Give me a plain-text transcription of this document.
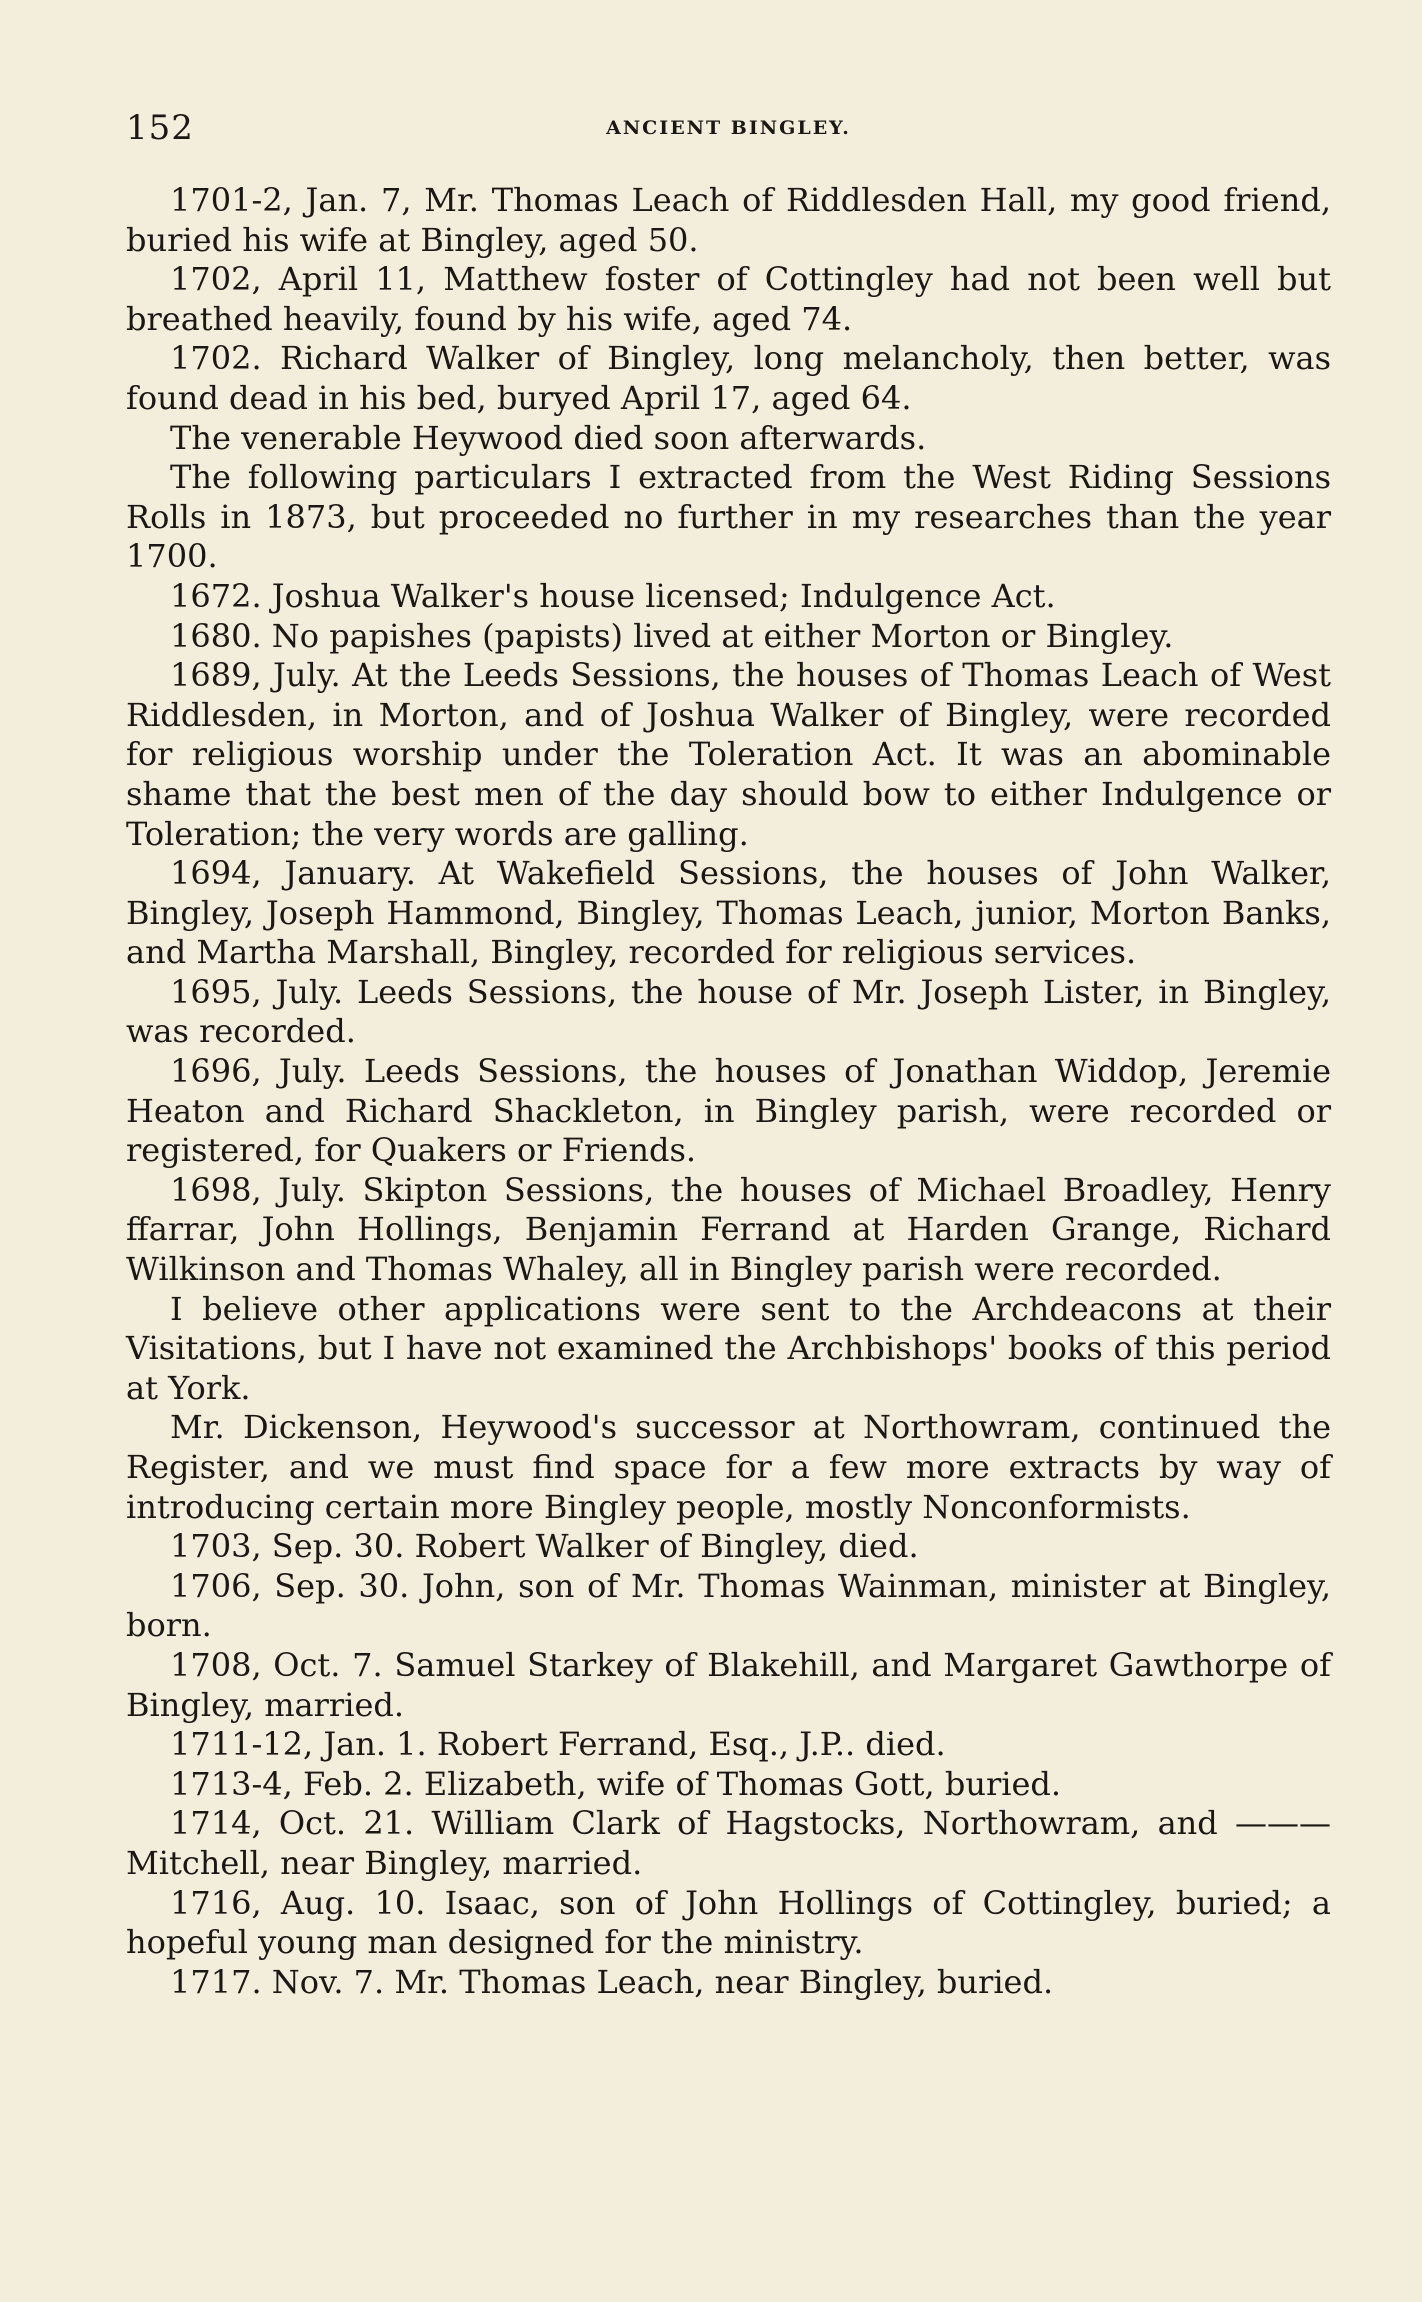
152	ANCIENT BINGLEY.

1701-2, Jan. 7, Mr. Thomas Leach of Riddlesden Hall, my good friend, buried his wife at Bingley, aged 50.

1702, April 11, Matthew foster of Cottingley had not been well but breathed heavily, found by his wife, aged 74.

1702. Richard Walker of Bingley, long melancholy, then better, was found dead in his bed, buryed April 17, aged 64.

The venerable Heywood died soon afterwards.

The following particulars I extracted from the West Riding Sessions Rolls in 1873, but proceeded no further in my researches than the year 1700.

1672. Joshua Walker's house licensed; Indulgence Act.

1680. No papishes (papists) lived at either Morton or Bingley.

1689, July. At the Leeds Sessions, the houses of Thomas Leach of West Riddlesden, in Morton, and of Joshua Walker of Bingley, were recorded for religious worship under the Toleration Act. It was an abominable shame that the best men of the day should bow to either Indulgence or Toleration; the very words are galling.

1694, January. At Wakefield Sessions, the houses of John Walker, Bingley, Joseph Hammond, Bingley, Thomas Leach, junior, Morton Banks, and Martha Marshall, Bingley, recorded for religious services.

1695, July. Leeds Sessions, the house of Mr. Joseph Lister, in Bingley, was recorded.

1696, July. Leeds Sessions, the houses of Jonathan Widdop, Jeremie Heaton and Richard Shackleton, in Bingley parish, were recorded or registered, for Quakers or Friends.

1698, July. Skipton Sessions, the houses of Michael Broadley, Henry ffarrar, John Hollings, Benjamin Ferrand at Harden Grange, Richard Wilkinson and Thomas Whaley, all in Bingley parish were recorded.

I believe other applications were sent to the Archdeacons at their Visitations, but I have not examined the Archbishops' books of this period at York.

Mr. Dickenson, Heywood's successor at Northowram, continued the Register, and we must find space for a few more extracts by way of introducing certain more Bingley people, mostly Nonconformists.

1703, Sep. 30. Robert Walker of Bingley, died.

1706, Sep. 30. John, son of Mr. Thomas Wainman, minister at Bingley, born.

1708, Oct. 7. Samuel Starkey of Blakehill, and Margaret Gawthorpe of Bingley, married.

1711-12, Jan. 1. Robert Ferrand, Esq., J.P.. died.

1713-4, Feb. 2. Elizabeth, wife of Thomas Gott, buried.

1714, Oct. 21. William Clark of Hagstocks, Northowram, and ——— Mitchell, near Bingley, married.

1716, Aug. 10. Isaac, son of John Hollings of Cottingley, buried; a hopeful young man designed for the ministry.

1717. Nov. 7. Mr. Thomas Leach, near Bingley, buried.
